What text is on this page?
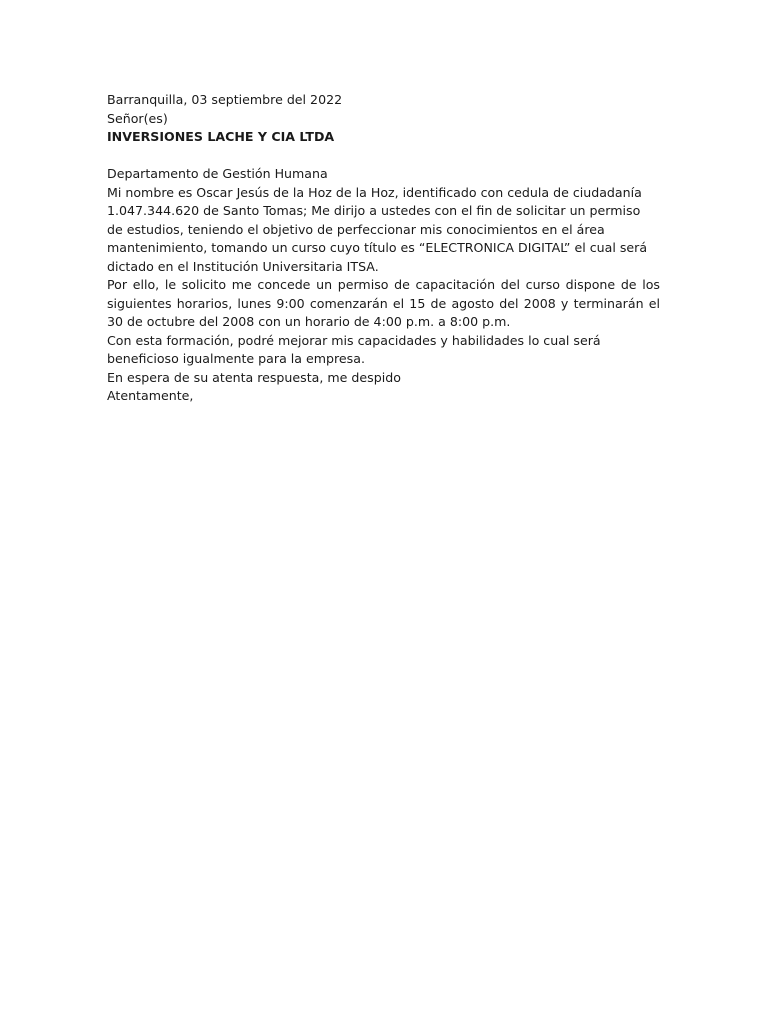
Barranquilla, 03 septiembre del 2022

Señor(es)

INVERSIONES LACHE Y CIA LTDA

Departamento de Gestión Humana

Mi nombre es Oscar Jesús de la Hoz de la Hoz, identificado con cedula de ciudadanía 1.047.344.620 de Santo Tomas; Me dirijo a ustedes con el fin de solicitar un permiso de estudios, teniendo el objetivo de perfeccionar mis conocimientos en el área mantenimiento, tomando un curso cuyo título es “ELECTRONICA DIGITAL” el cual será dictado en el Institución Universitaria ITSA.

Por ello, le solicito me concede un permiso de capacitación del curso dispone de los siguientes horarios, lunes 9:00 comenzarán el 15 de agosto del 2008 y terminarán el 30 de octubre del 2008 con un horario de 4:00 p.m. a 8:00 p.m.

Con esta formación, podré mejorar mis capacidades y habilidades lo cual será beneficioso igualmente para la empresa.

En espera de su atenta respuesta, me despido

Atentamente,
